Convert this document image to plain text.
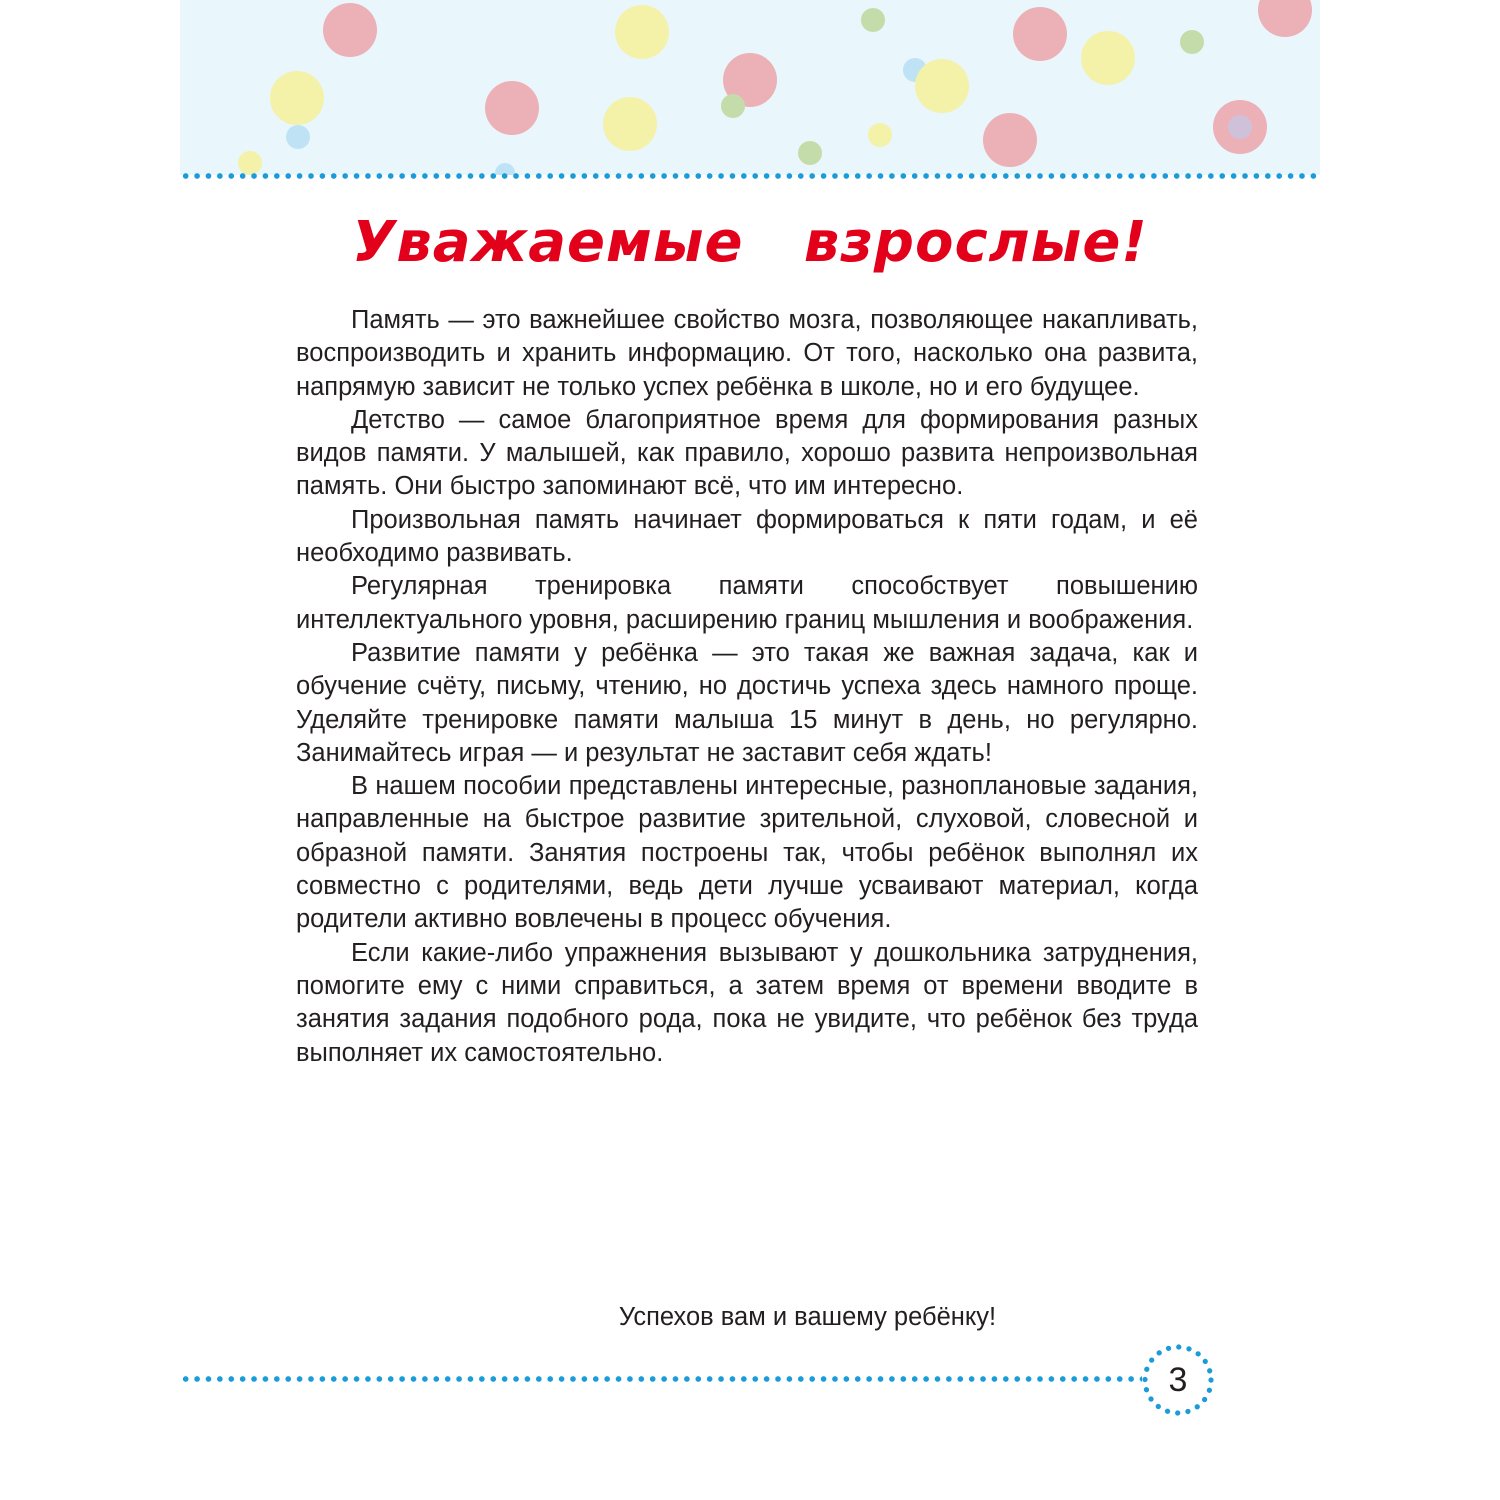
Уважаемые взрослые!

Память — это важнейшее свойство мозга, позволяющее накапливать, воспроизводить и хранить информацию. От того, насколько она развита, напрямую зависит не только успех ребёнка в школе, но и его будущее.

Детство — самое благоприятное время для формирования разных видов памяти. У малышей, как правило, хорошо развита непроизвольная память. Они быстро запоминают всё, что им интересно.

Произвольная память начинает формироваться к пяти годам, и её необходимо развивать.

Регулярная тренировка памяти способствует повышению интеллектуального уровня, расширению границ мышления и воображения.

Развитие памяти у ребёнка — это такая же важная задача, как и обучение счёту, письму, чтению, но достичь успеха здесь намного проще. Уделяйте тренировке памяти малыша 15 минут в день, но регулярно. Занимайтесь играя — и результат не заставит себя ждать!

В нашем пособии представлены интересные, разноплановые задания, направленные на быстрое развитие зрительной, слуховой, словесной и образной памяти. Занятия построены так, чтобы ребёнок выполнял их совместно с родителями, ведь дети лучше усваивают материал, когда родители активно вовлечены в процесс обучения.

Если какие-либо упражнения вызывают у дошкольника затруднения, помогите ему с ними справиться, а затем время от времени вводите в занятия задания подобного рода, пока не увидите, что ребёнок без труда выполняет их самостоятельно.

Успехов вам и вашему ребёнку!
3
